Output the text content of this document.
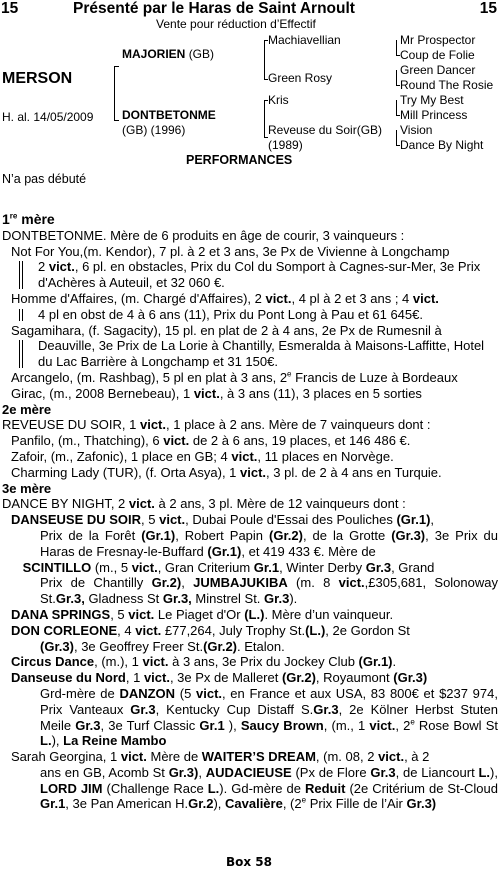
15	Présenté par le Haras de Saint Arnoult	15
Vente pour réduction d’Effectif
MAJORIEN (GB)
MERSON
H. al. 14/05/2009 DONTBETONME
(GB) (1996)
Machiavellian
Green Rosy
Kris
Reveuse du Soir(GB)
(1989)
Mr Prospector
Coup de Folie
Green Dancer
Round The Rosie
Try My Best
Mill Princess
Vision
Dance By Night
PERFORMANCES
N’a pas débuté

1re mère

DONTBETONME. Mère de 6 produits en âge de courir, 3 vainqueurs :

Not For You,(m. Kendor), 7 pl. à 2 et 3 ans, 3e Px de Vivienne à Longchamp

2 vict., 6 pl. en obstacles, Prix du Col du Somport à Cagnes-sur-Mer, 3e Prix d'Achères à Auteuil, et 32 060 €.

Homme d'Affaires, (m. Chargé d'Affaires), 2 vict., 4 pl à 2 et 3 ans ; 4 vict.

4 pl en obst de 4 à 6 ans (11), Prix du Pont Long à Pau et 61 645€.

Sagamihara, (f. Sagacity), 15 pl. en plat de 2 à 4 ans, 2e Px de Rumesnil à

Deauville, 3e Prix de La Lorie à Chantilly, Esmeralda à Maisons-Laffitte, Hotel du Lac Barrière à Longchamp et 31 150€.

Arcangelo, (m. Rashbag), 5 pl en plat à 3 ans, 2e Francis de Luze à Bordeaux

Girac, (m., 2008 Bernebeau), 1 vict., à 3 ans (11), 3 places en 5 sorties

2e mère

REVEUSE DU SOIR, 1 vict., 1 place à 2 ans. Mère de 7 vainqueurs dont :

Panfilo, (m., Thatching), 6 vict. de 2 à 6 ans, 19 places, et 146 486 €.

Zafoir, (m., Zafonic), 1 place en GB; 4 vict., 11 places en Norvège.

Charming Lady (TUR), (f. Orta Asya), 1 vict., 3 pl. de 2 à 4 ans en Turquie.

3e mère

DANCE BY NIGHT, 2 vict. à 2 ans, 3 pl. Mère de 12 vainqueurs dont :

DANSEUSE DU SOIR, 5 vict., Dubai Poule d'Essai des Pouliches (Gr.1),

Prix de la Forêt (Gr.1), Robert Papin (Gr.2), de la Grotte (Gr.3), 3e Prix du Haras de Fresnay-le-Buffard (Gr.1), et 419 433 €. Mère de

SCINTILLO (m., 5 vict., Gran Criterium Gr.1, Winter Derby Gr.3, Grand

Prix de Chantilly Gr.2), JUMBAJUKIBA (m. 8 vict.,£305,681, Solonoway St.Gr.3, Gladness St Gr.3, Minstrel St. Gr.3).

DANA SPRINGS, 5 vict. Le Piaget d'Or (L.). Mère d’un vainqueur.

DON CORLEONE, 4 vict. £77,264, July Trophy St.(L.), 2e Gordon St

(Gr.3), 3e Geoffrey Freer St.(Gr.2). Etalon.

Circus Dance, (m.), 1 vict. à 3 ans, 3e Prix du Jockey Club (Gr.1).

Danseuse du Nord, 1 vict., 3e Px de Malleret (Gr.2), Royaumont (Gr.3)

Grd-mère de DANZON (5 vict., en France et aux USA, 83 800€ et $237 974, Prix Vanteaux Gr.3, Kentucky Cup Distaff S.Gr.3, 2e Kölner Herbst Stuten Meile Gr.3, 3e Turf Classic Gr.1 ), Saucy Brown, (m., 1 vict., 2e Rose Bowl St L.), La Reine Mambo

Sarah Georgina, 1 vict. Mère de WAITER’S DREAM, (m. 08, 2 vict., à 2

ans en GB, Acomb St Gr.3), AUDACIEUSE (Px de Flore Gr.3, de Liancourt L.), LORD JIM (Challenge Race L.). Gd-mère de Reduit (2e Critérium de St-Cloud Gr.1, 3e Pan American H.Gr.2), Cavalière, (2e Prix Fille de l’Air Gr.3)

Box 58
